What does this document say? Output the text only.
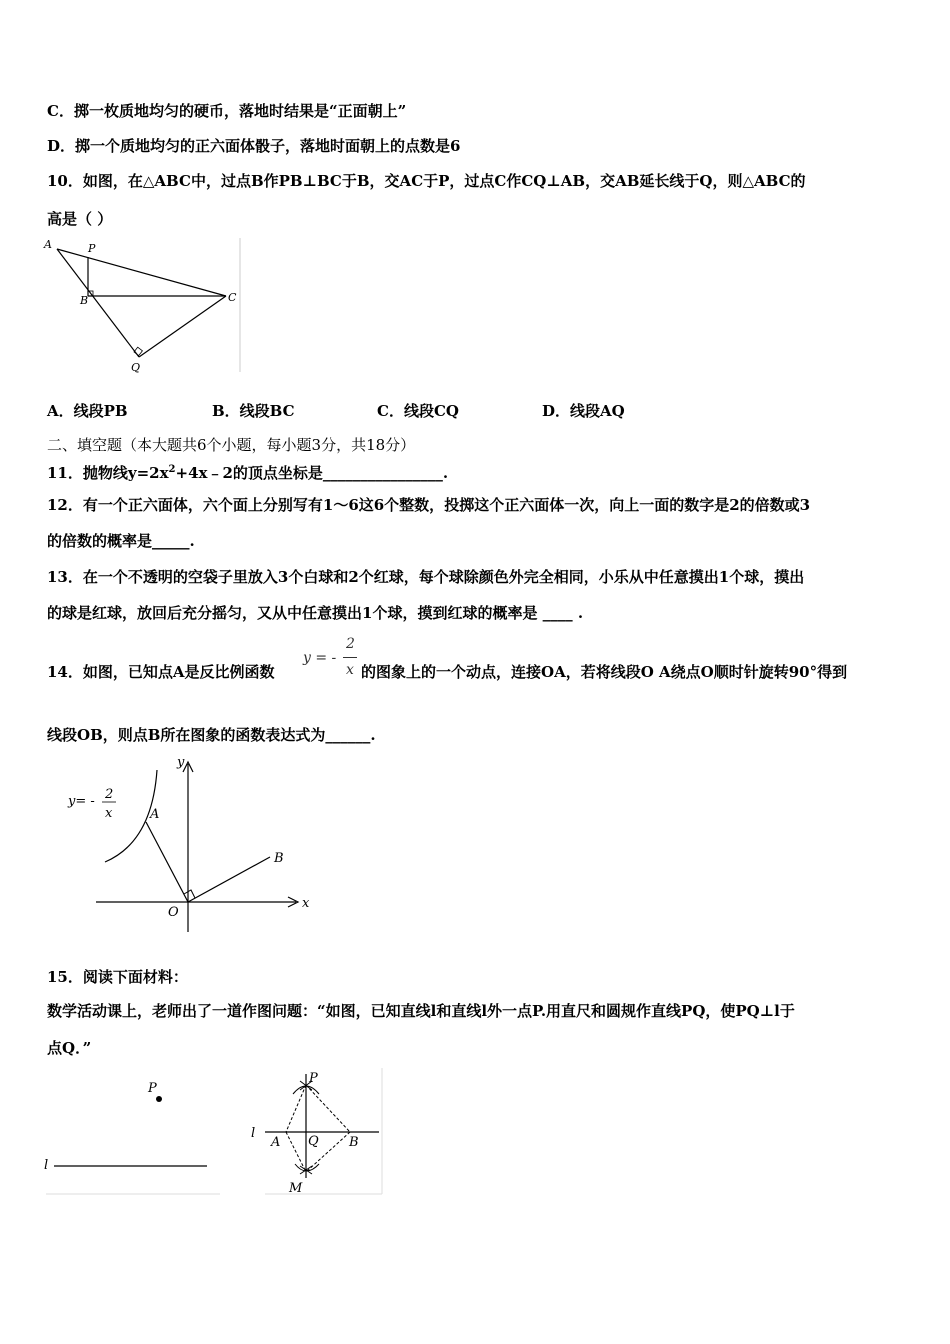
C．掷一枚质地均匀的硬币，落地时结果是“正面朝上”
D．掷一个质地均匀的正六面体骰子，落地时面朝上的点数是6
10．如图，在△ABC中，过点B作PB⊥BC于B，交AC于P，过点C作CQ⊥AB，交AB延长线于Q，则△ABC的
高是（ ）
A	P
B	C
Q
A．线段PB	B．线段BC	C．线段CQ	D．线段AQ
二、填空题（本大题共6个小题，每小题3分，共18分）
11．抛物线$y=2x^2+4x﹣2$的顶点坐标是________________.
12．有一个正六面体，六个面上分别写有1～6这6个整数，投掷这个正六面体一次，向上一面的数字是2的倍数或3
的倍数的概率是_____.
13．在一个不透明的空袋子里放入3个白球和2个红球，每个球除颜色外完全相同，小乐从中任意摸出1个球，摸出
的球是红球，放回后充分摇匀，又从中任意摸出1个球，摸到红球的概率是 ____ .
14．如图，已知点A是反比例函数
y = -
2
x 的图象上的一个动点，连接OA，若将线段O A绕点O顺时针旋转90°得到
线段OB，则点B所在图象的函数表达式为______.
y
x
O
A
B
y= - 2
x
15．阅读下面材料：
数学活动课上，老师出了一道作图问题：“如图，已知直线l和直线l外一点P.用直尺和圆规作直线PQ，使PQ⊥l于
点Q．”
P
l
P
l
A Q B
M
